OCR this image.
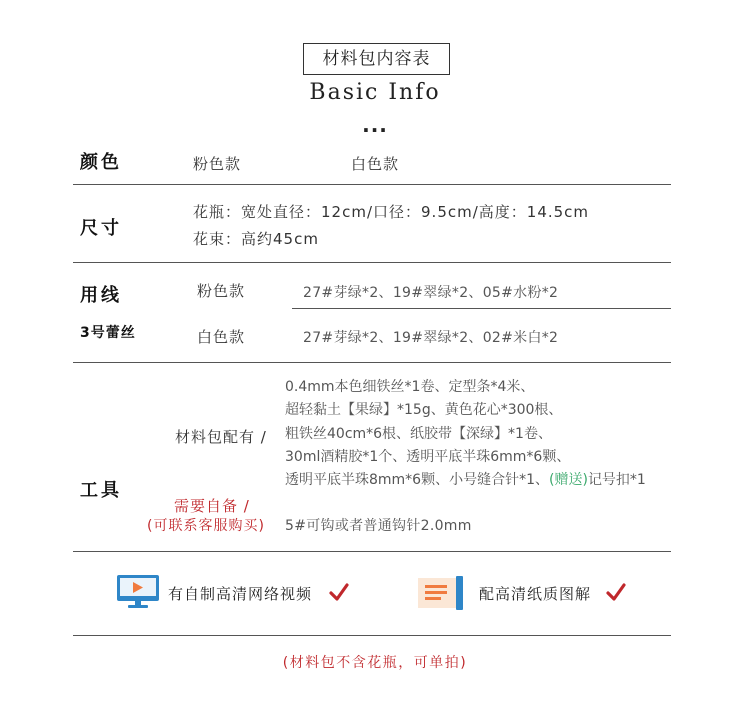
材料包内容表
Basic Info
...
颜色	粉色款	白色款
尺寸
花瓶：宽处直径：12cm/口径：9.5cm/高度：14.5cm
花束：高约45cm
用线
3号蕾丝
粉色款	27#芽绿*2、19#翠绿*2、05#水粉*2
白色款	27#芽绿*2、19#翠绿*2、02#米白*2
工具
材料包配有 /
0.4mm本色细铁丝*1卷、定型条*4米、
超轻黏土【果绿】*15g、黄色花心*300根、
粗铁丝40cm*6根、纸胶带【深绿】*1卷、
30ml酒精胶*1个、透明平底半珠6mm*6颗、
透明平底半珠8mm*6颗、小号缝合针*1、(赠送)记号扣*1
需要自备 /
(可联系客服购买) 5#可钩或者普通钩针2.0mm
有自制高清网络视频	配高清纸质图解
(材料包不含花瓶，可单拍)
